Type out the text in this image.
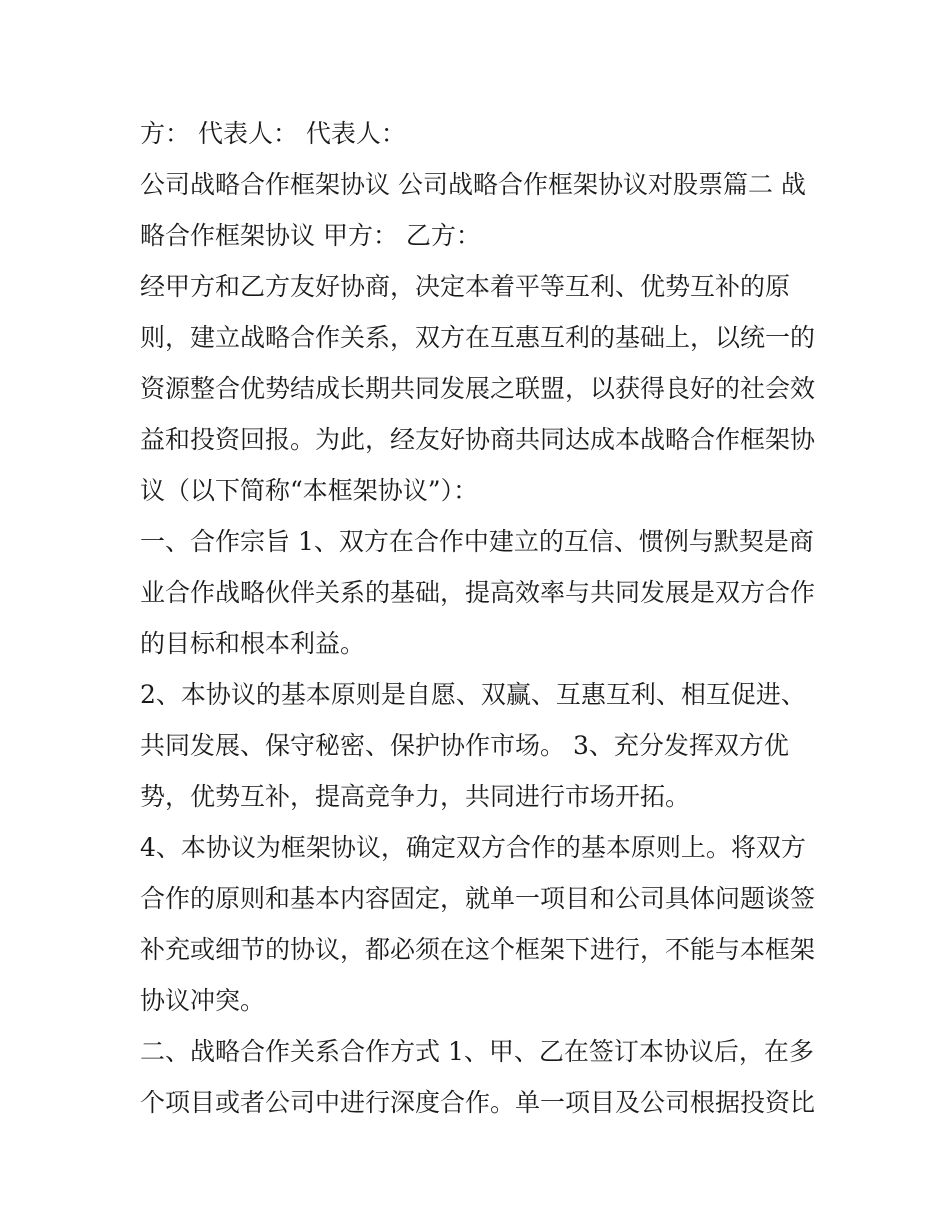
方： 代表人： 代表人：

公司战略合作框架协议 公司战略合作框架协议对股票篇二 战
略合作框架协议 甲方： 乙方：

经甲方和乙方友好协商，决定本着平等互利、优势互补的原
则，建立战略合作关系，双方在互惠互利的基础上，以统一的
资源整合优势结成长期共同发展之联盟，以获得良好的社会效
益和投资回报。为此，经友好协商共同达成本战略合作框架协
议（以下简称“本框架协议”）：

一、合作宗旨 1、双方在合作中建立的互信、惯例与默契是商
业合作战略伙伴关系的基础，提高效率与共同发展是双方合作
的目标和根本利益。

2、本协议的基本原则是自愿、双赢、互惠互利、相互促进、
共同发展、保守秘密、保护协作市场。 3、充分发挥双方优
势，优势互补，提高竞争力，共同进行市场开拓。

4、本协议为框架协议，确定双方合作的基本原则上。将双方
合作的原则和基本内容固定，就单一项目和公司具体问题谈签
补充或细节的协议，都必须在这个框架下进行，不能与本框架
协议冲突。

二、战略合作关系合作方式 1、甲、乙在签订本协议后，在多
个项目或者公司中进行深度合作。单一项目及公司根据投资比
